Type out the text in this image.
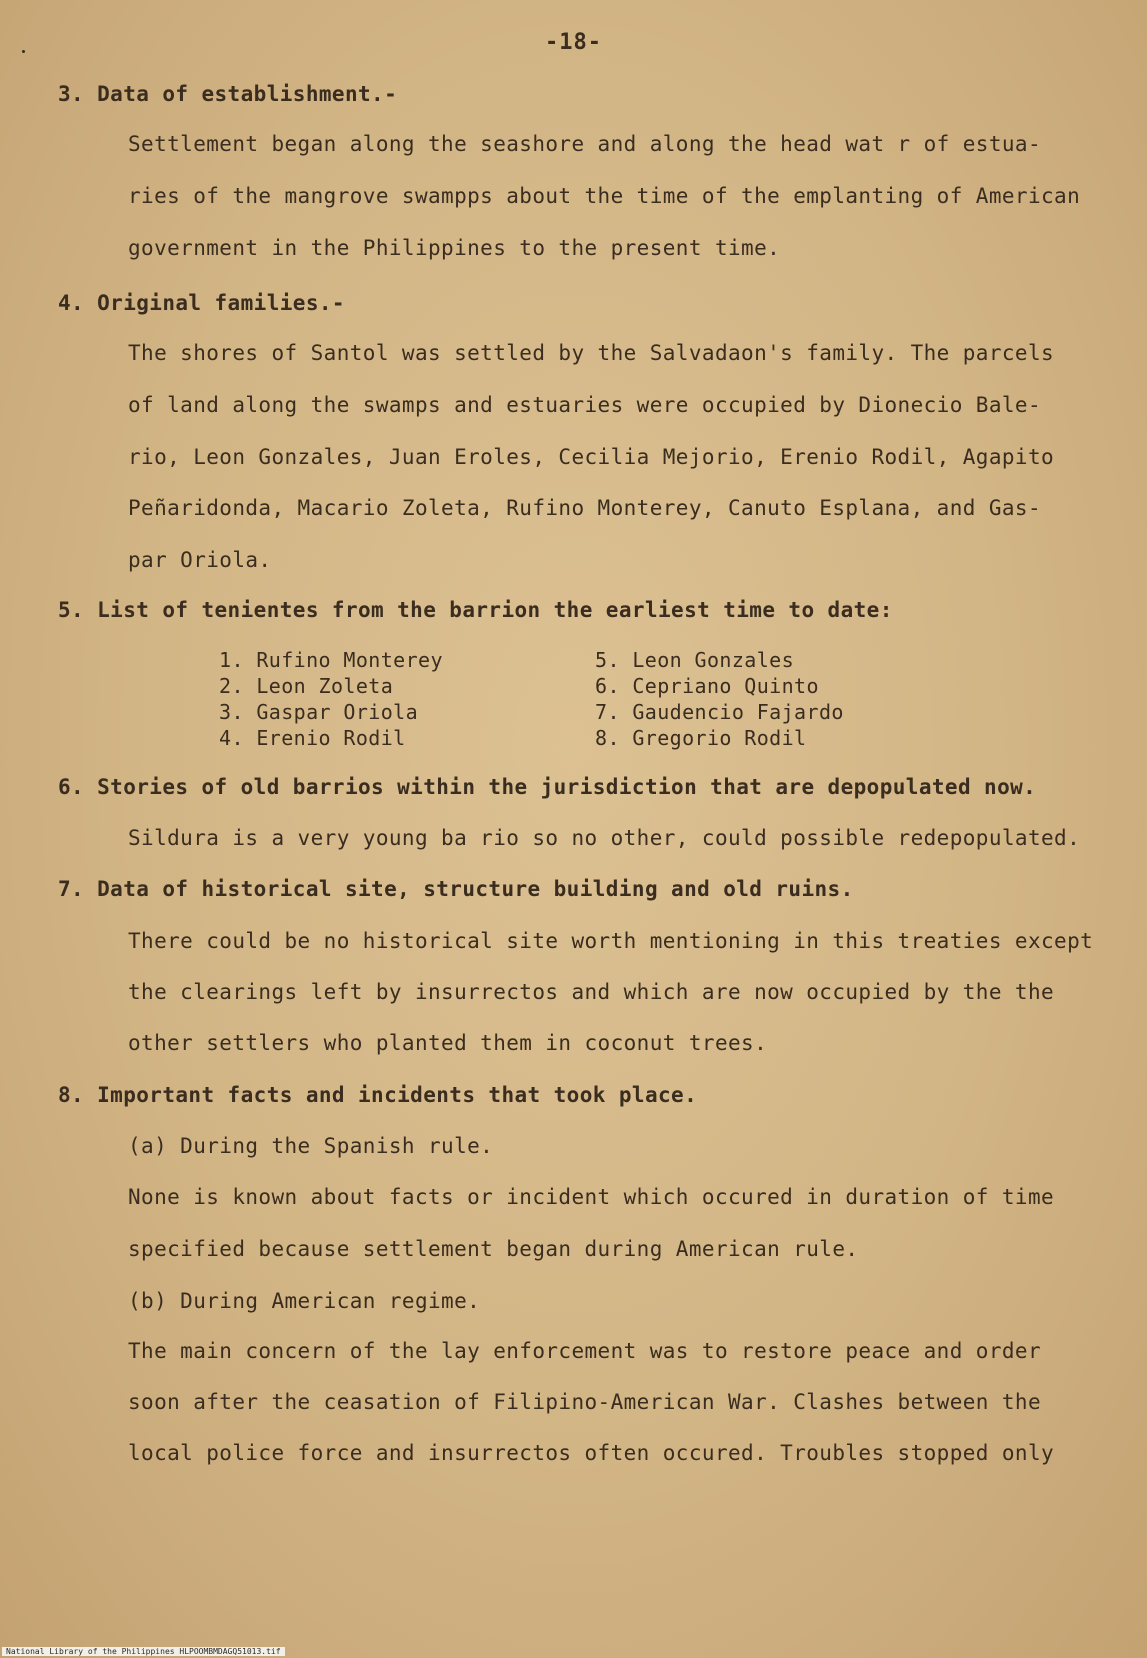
-18-
3. Data of establishment.-
Settlement began along the seashore and along the head wat r of estua-
ries of the mangrove swampps about the time of the emplanting of American
government in the Philippines to the present time.
4. Original families.-
The shores of Santol was settled by the Salvadaon's family. The parcels
of land along the swamps and estuaries were occupied by Dionecio Bale-
rio, Leon Gonzales, Juan Eroles, Cecilia Mejorio, Erenio Rodil, Agapito
Peñaridonda, Macario Zoleta, Rufino Monterey, Canuto Esplana, and Gas-
par Oriola.
5. List of tenientes from the barrion the earliest time to date:
1. Rufino Monterey
2. Leon Zoleta
3. Gaspar Oriola
4. Erenio Rodil
5. Leon Gonzales
6. Cepriano Quinto
7. Gaudencio Fajardo
8. Gregorio Rodil
6. Stories of old barrios within the jurisdiction that are depopulated now.
Sildura is a very young ba rio so no other, could possible redepopulated.
7. Data of historical site, structure building and old ruins.
There could be no historical site worth mentioning in this treaties except
the clearings left by insurrectos and which are now occupied by the the
other settlers who planted them in coconut trees.
8. Important facts and incidents that took place.
(a) During the Spanish rule.
None is known about facts or incident which occured in duration of time
specified because settlement began during American rule.
(b) During American regime.
The main concern of the lay enforcement was to restore peace and order
soon after the ceasation of Filipino-American War. Clashes between the
local police force and insurrectos often occured. Troubles stopped only
National Library of the Philippines HLPOOMBMDAGQ51013.tif
